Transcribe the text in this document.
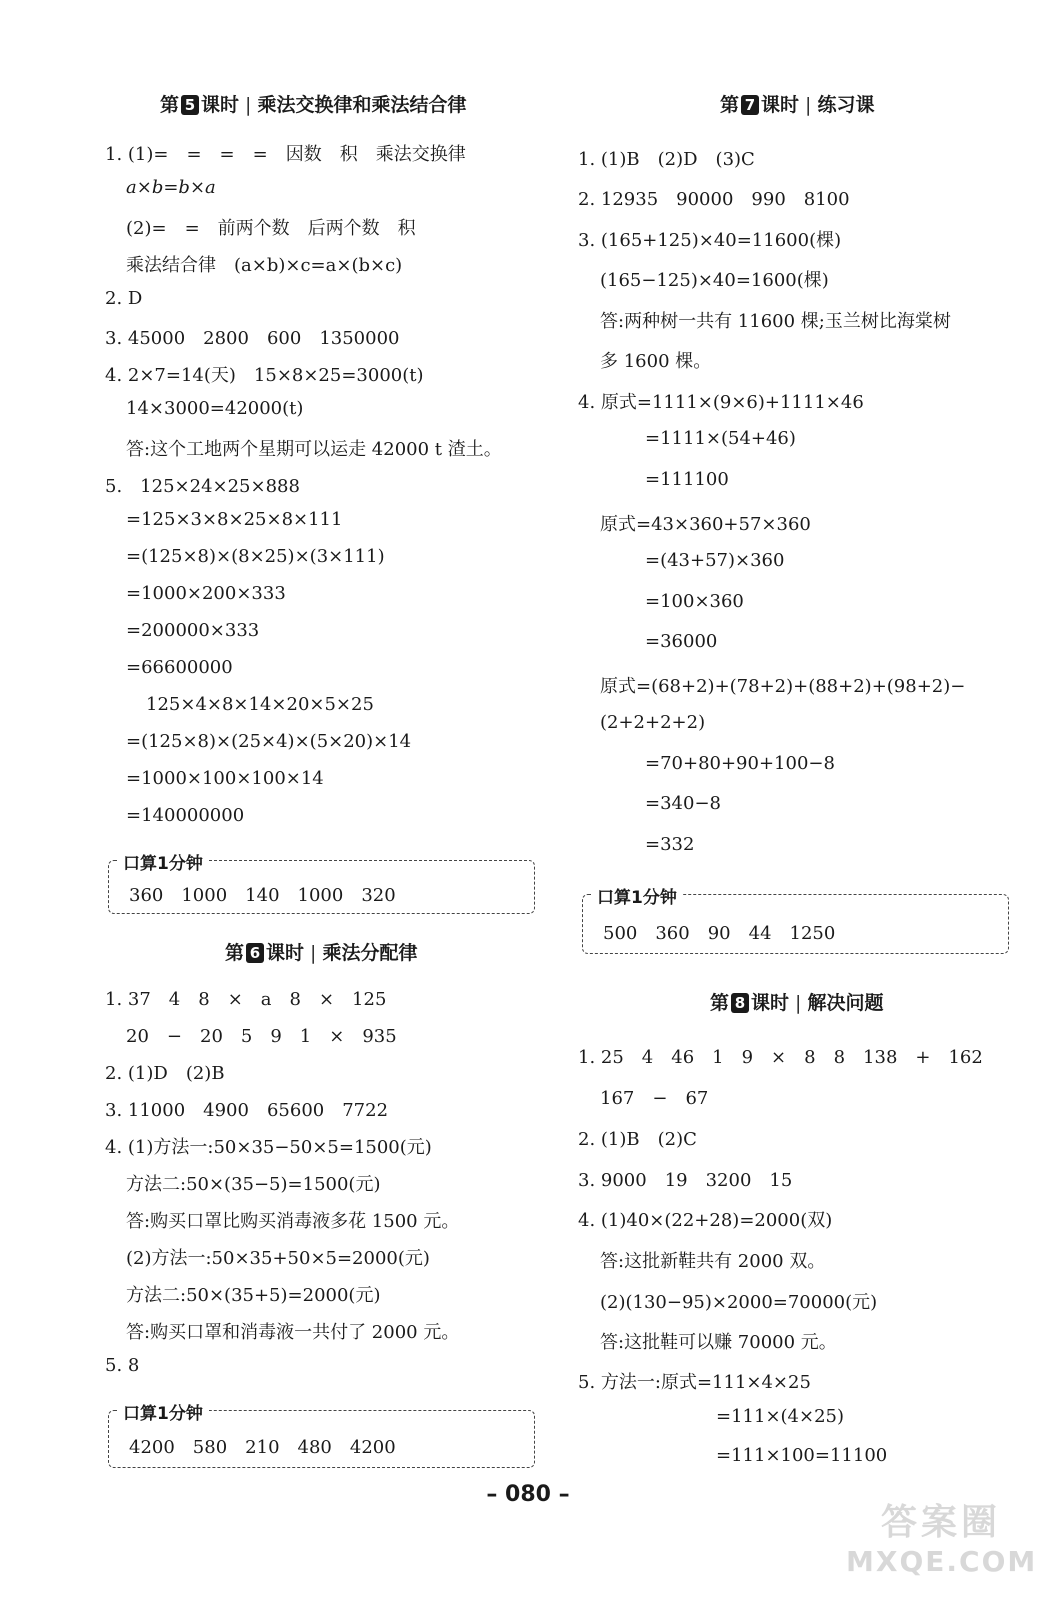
第 5 课时 | 乘法交换律和乘法结合律
1. (1)=　=　=　=　因数　积　乘法交换律
a×b=b×a
(2)=　=　前两个数　后两个数　积
乘法结合律　(a×b)×c=a×(b×c)
2. D
3. 45000　2800　600　1350000
4. 2×7=14(天)　15×8×25=3000(t)
14×3000=42000(t)
答:这个工地两个星期可以运走 42000 t 渣土。
5.　125×24×25×888
=125×3×8×25×8×111
=(125×8)×(8×25)×(3×111)
=1000×200×333
=200000×333
=66600000
125×4×8×14×20×5×25
=(125×8)×(25×4)×(5×20)×14
=1000×100×100×14
=140000000
口算1分钟
360　1000　140　1000　320
第 6 课时 | 乘法分配律
1. 37　4　8　×　a　8　×　125
20　−　20　5　9　1　×　935
2. (1)D　(2)B
3. 11000　4900　65600　7722
4. (1)方法一:50×35−50×5=1500(元)
方法二:50×(35−5)=1500(元)
答:购买口罩比购买消毒液多花 1500 元。
(2)方法一:50×35+50×5=2000(元)
方法二:50×(35+5)=2000(元)
答:购买口罩和消毒液一共付了 2000 元。
5. 8
口算1分钟
4200　580　210　480　4200
第 7 课时 | 练习课
1. (1)B　(2)D　(3)C
2. 12935　90000　990　8100
3. (165+125)×40=11600(棵)
(165−125)×40=1600(棵)
答:两种树一共有 11600 棵;玉兰树比海棠树
多 1600 棵。
4. 原式=1111×(9×6)+1111×46
=1111×(54+46)
=111100
原式=43×360+57×360
=(43+57)×360
=100×360
=36000
原式=(68+2)+(78+2)+(88+2)+(98+2)−
(2+2+2+2)
=70+80+90+100−8
=340−8
=332
口算1分钟
500　360　90　44　1250
第 8 课时 | 解决问题
1. 25　4　46　1　9　×　8　8　138　+　162
167　−　67
2. (1)B　(2)C
3. 9000　19　3200　15
4. (1)40×(22+28)=2000(双)
答:这批新鞋共有 2000 双。
(2)(130−95)×2000=70000(元)
答:这批鞋可以赚 70000 元。
5. 方法一:原式=111×4×25
=111×(4×25)
=111×100=11100
– 080 –
答案圈
MXQE.COM
